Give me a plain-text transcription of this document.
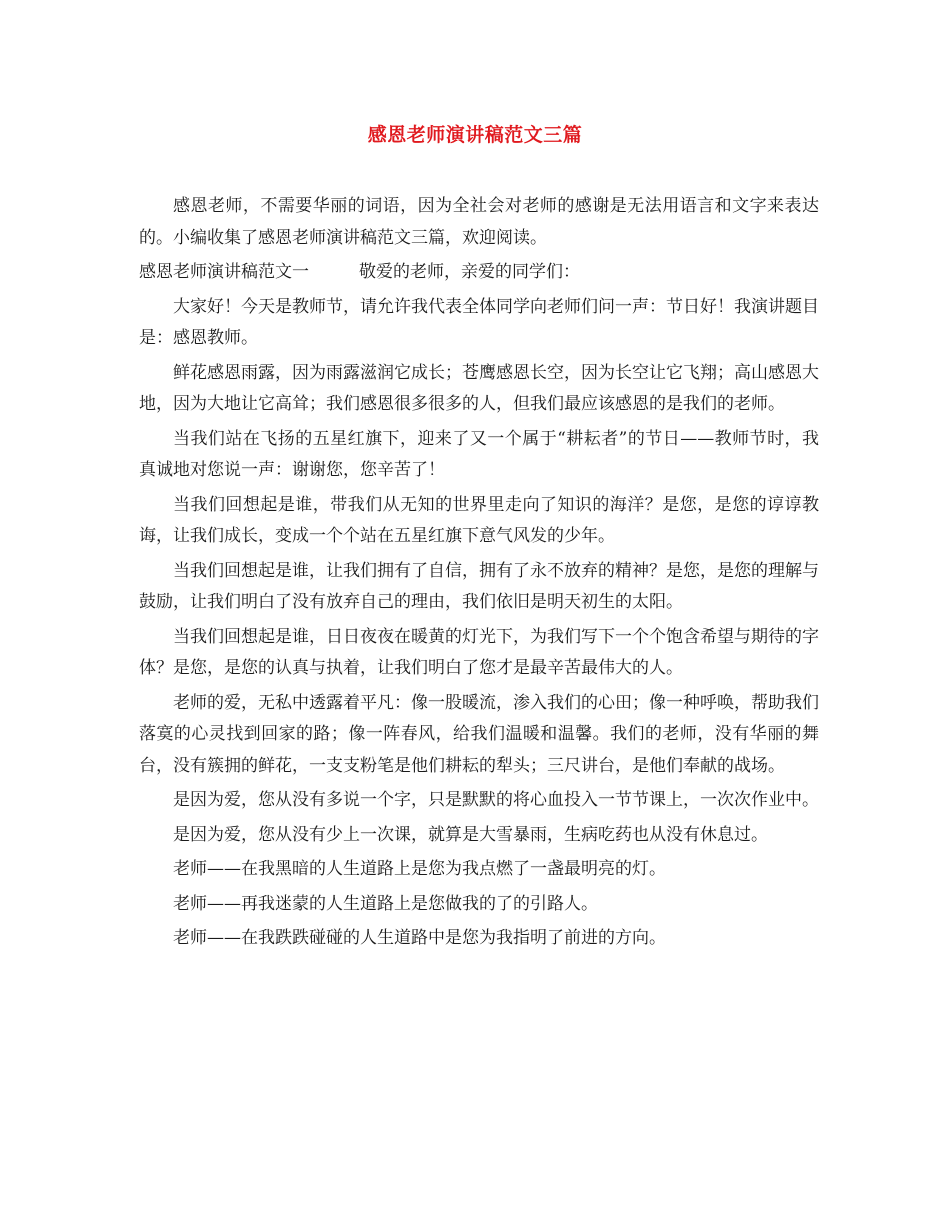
感恩老师演讲稿范文三篇

感恩老师，不需要华丽的词语，因为全社会对老师的感谢是无法用语言和文字来表达的。小编收集了感恩老师演讲稿范文三篇，欢迎阅读。

感恩老师演讲稿范文一	敬爱的老师，亲爱的同学们：

大家好！今天是教师节，请允许我代表全体同学向老师们问一声：节日好！我演讲题目是：感恩教师。

鲜花感恩雨露，因为雨露滋润它成长；苍鹰感恩长空，因为长空让它飞翔；高山感恩大地，因为大地让它高耸；我们感恩很多很多的人，但我们最应该感恩的是我们的老师。

当我们站在飞扬的五星红旗下，迎来了又一个属于“耕耘者”的节日——教师节时，我真诚地对您说一声：谢谢您，您辛苦了！

当我们回想起是谁，带我们从无知的世界里走向了知识的海洋？是您，是您的谆谆教诲，让我们成长，变成一个个站在五星红旗下意气风发的少年。

当我们回想起是谁，让我们拥有了自信，拥有了永不放弃的精神？是您，是您的理解与鼓励，让我们明白了没有放弃自己的理由，我们依旧是明天初生的太阳。

当我们回想起是谁，日日夜夜在暖黄的灯光下，为我们写下一个个饱含希望与期待的字体？是您，是您的认真与执着，让我们明白了您才是最辛苦最伟大的人。

老师的爱，无私中透露着平凡：像一股暖流，渗入我们的心田；像一种呼唤，帮助我们落寞的心灵找到回家的路；像一阵春风，给我们温暖和温馨。我们的老师，没有华丽的舞台，没有簇拥的鲜花，一支支粉笔是他们耕耘的犁头；三尺讲台，是他们奉献的战场。

是因为爱，您从没有多说一个字，只是默默的将心血投入一节节课上，一次次作业中。

是因为爱，您从没有少上一次课，就算是大雪暴雨，生病吃药也从没有休息过。

老师——在我黑暗的人生道路上是您为我点燃了一盏最明亮的灯。

老师——再我迷蒙的人生道路上是您做我的了的引路人。

老师——在我跌跌碰碰的人生道路中是您为我指明了前进的方向。
